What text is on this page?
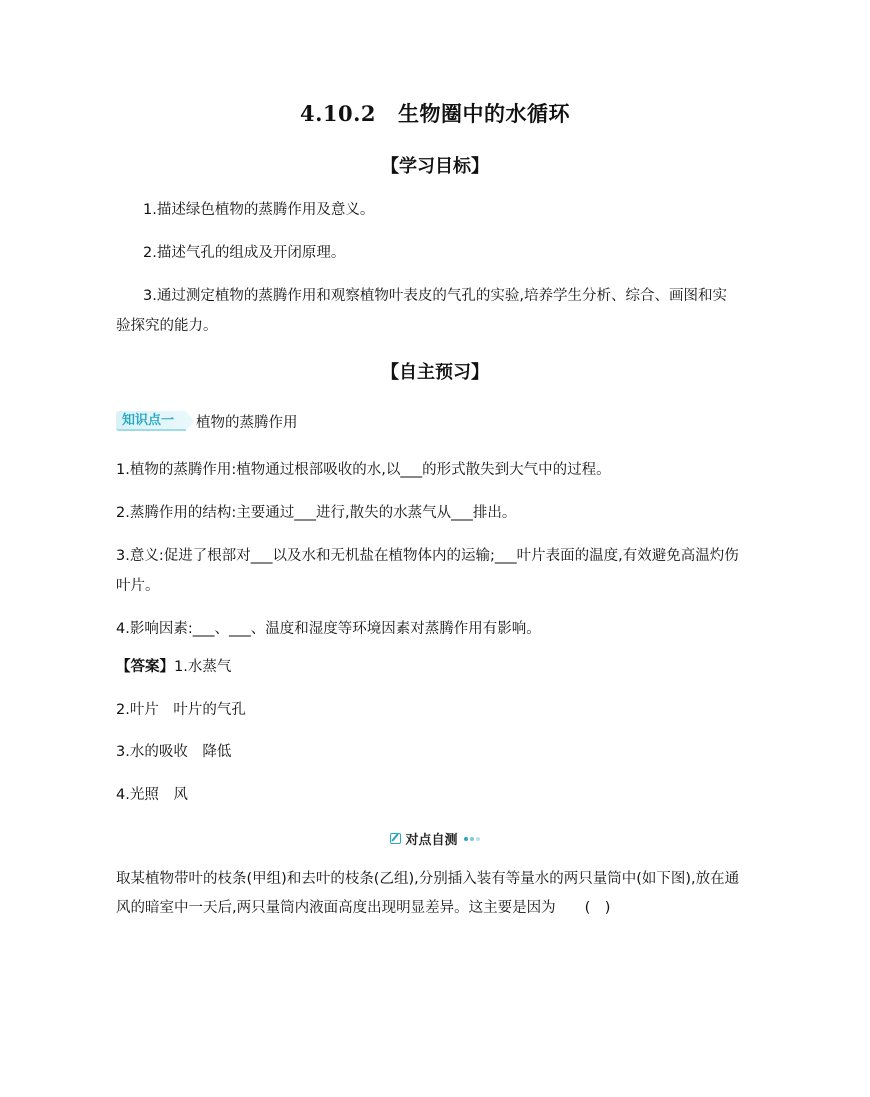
4.10.2 生物圈中的水循环
【学习目标】
1.描述绿色植物的蒸腾作用及意义。
2.描述气孔的组成及开闭原理。
3.通过测定植物的蒸腾作用和观察植物叶表皮的气孔的实验,培养学生分析、综合、画图和实
验探究的能力。
【自主预习】
知识点一	植物的蒸腾作用
1.植物的蒸腾作用:植物通过根部吸收的水,以___的形式散失到大气中的过程。
2.蒸腾作用的结构:主要通过___进行,散失的水蒸气从___排出。
3.意义:促进了根部对___以及水和无机盐在植物体内的运输;___叶片表面的温度,有效避免高温灼伤
叶片。
4.影响因素:___、___、温度和湿度等环境因素对蒸腾作用有影响。
【答案】1.水蒸气
2.叶片　叶片的气孔
3.水的吸收　降低
4.光照　风
对点自测
取某植物带叶的枝条(甲组)和去叶的枝条(乙组),分别插入装有等量水的两只量筒中(如下图),放在通
风的暗室中一天后,两只量筒内液面高度出现明显差异。这主要是因为　　(　)
